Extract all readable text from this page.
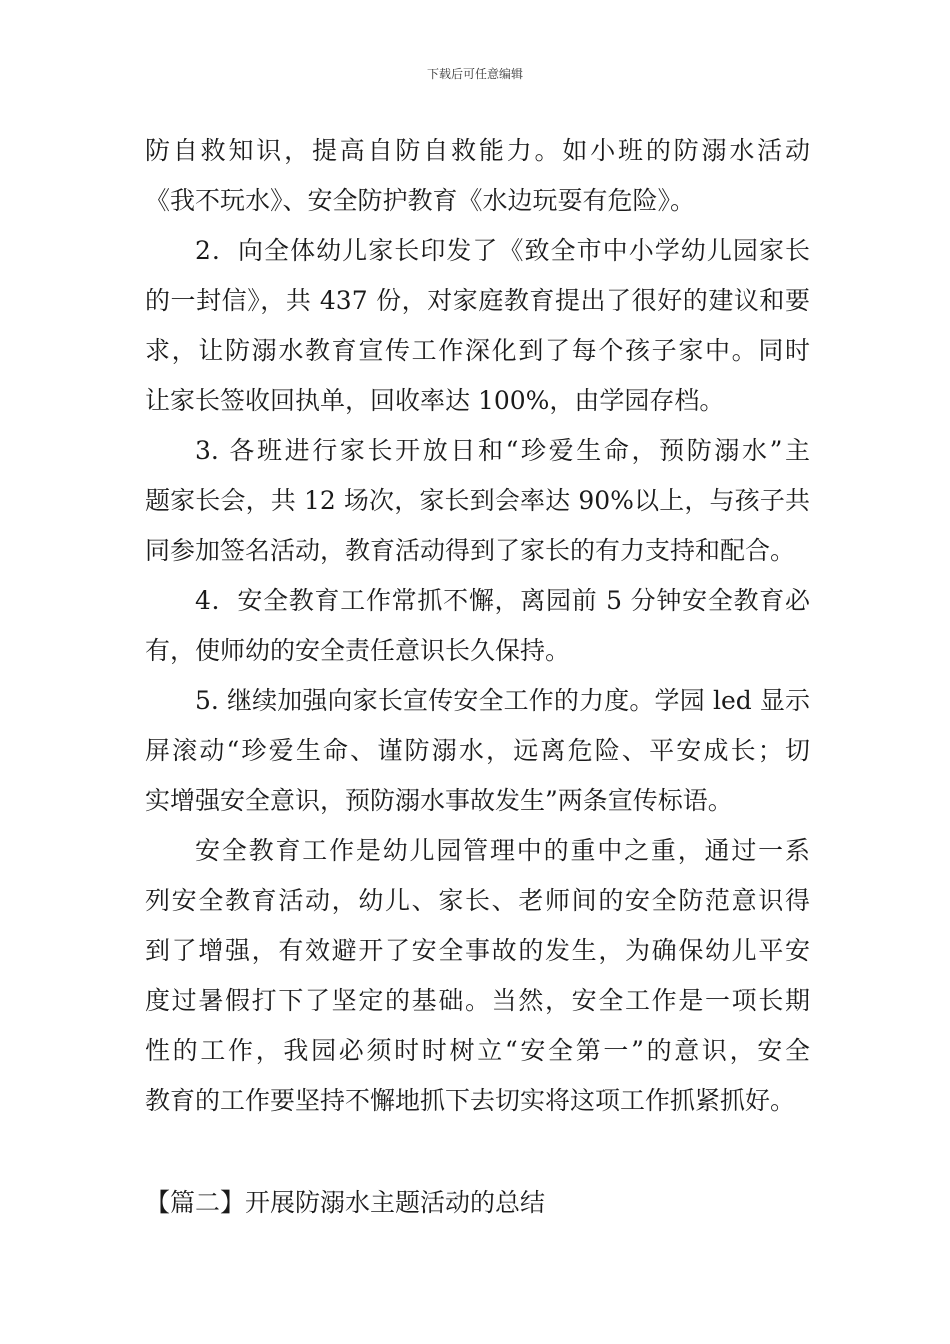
下载后可任意编辑
防自救知识，提高自防自救能力。如小班的防溺水活动
《我不玩水》、安全防护教育《水边玩耍有危险》。
2．向全体幼儿家长印发了《致全市中小学幼儿园家长
的一封信》，共 437 份，对家庭教育提出了很好的建议和要
求，让防溺水教育宣传工作深化到了每个孩子家中。同时
让家长签收回执单，回收率达 100%，由学园存档。
3. 各班进行家长开放日和“珍爱生命，预防溺水”主
题家长会，共 12 场次，家长到会率达 90%以上，与孩子共
同参加签名活动，教育活动得到了家长的有力支持和配合。
4．安全教育工作常抓不懈，离园前 5 分钟安全教育必
有，使师幼的安全责任意识长久保持。
5. 继续加强向家长宣传安全工作的力度。学园 led 显示
屏滚动“珍爱生命、谨防溺水，远离危险、平安成长；切
实增强安全意识，预防溺水事故发生”两条宣传标语。
安全教育工作是幼儿园管理中的重中之重，通过一系
列安全教育活动，幼儿、家长、老师间的安全防范意识得
到了增强，有效避开了安全事故的发生，为确保幼儿平安
度过暑假打下了坚定的基础。当然，安全工作是一项长期
性的工作，我园必须时时树立“安全第一”的意识，安全
教育的工作要坚持不懈地抓下去切实将这项工作抓紧抓好。
【篇二】开展防溺水主题活动的总结
